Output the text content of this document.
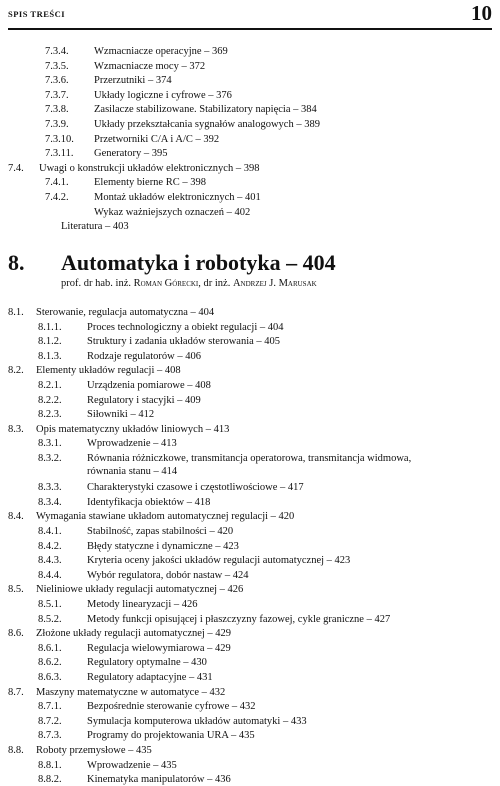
SPIS TREŚCI	10
7.3.4. Wzmacniacze operacyjne – 369
7.3.5. Wzmacniacze mocy – 372
7.3.6. Przerzutniki – 374
7.3.7. Układy logiczne i cyfrowe – 376
7.3.8. Zasilacze stabilizowane. Stabilizatory napięcia – 384
7.3.9. Układy przekształcania sygnałów analogowych – 389
7.3.10. Przetworniki C/A i A/C – 392
7.3.11. Generatory – 395
7.4. Uwagi o konstrukcji układów elektronicznych – 398
7.4.1. Elementy bierne RC – 398
7.4.2. Montaż układów elektronicznych – 401
Wykaz ważniejszych oznaczeń – 402
Literatura – 403
8. Automatyka i robotyka – 404
prof. dr hab. inż. Roman Górecki, dr inż. Andrzej J. Marusak
8.1. Sterowanie, regulacja automatyczna – 404
8.1.1. Proces technologiczny a obiekt regulacji – 404
8.1.2. Struktury i zadania układów sterowania – 405
8.1.3. Rodzaje regulatorów – 406
8.2. Elementy układów regulacji – 408
8.2.1. Urządzenia pomiarowe – 408
8.2.2. Regulatory i stacyjki – 409
8.2.3. Siłowniki – 412
8.3. Opis matematyczny układów liniowych – 413
8.3.1. Wprowadzenie – 413
8.3.2. Równania różniczkowe, transmitancja operatorowa, transmitancja widmowa,
równania stanu – 414
8.3.3. Charakterystyki czasowe i częstotliwościowe – 417
8.3.4. Identyfikacja obiektów – 418
8.4. Wymagania stawiane układom automatycznej regulacji – 420
8.4.1. Stabilność, zapas stabilności – 420
8.4.2. Błędy statyczne i dynamiczne – 423
8.4.3. Kryteria oceny jakości układów regulacji automatycznej – 423
8.4.4. Wybór regulatora, dobór nastaw – 424
8.5. Nieliniowe układy regulacji automatycznej – 426
8.5.1. Metody linearyzacji – 426
8.5.2. Metody funkcji opisującej i płaszczyzny fazowej, cykle graniczne – 427
8.6. Złożone układy regulacji automatycznej – 429
8.6.1. Regulacja wielowymiarowa – 429
8.6.2. Regulatory optymalne – 430
8.6.3. Regulatory adaptacyjne – 431
8.7. Maszyny matematyczne w automatyce – 432
8.7.1. Bezpośrednie sterowanie cyfrowe – 432
8.7.2. Symulacja komputerowa układów automatyki – 433
8.7.3. Programy do projektowania URA – 435
8.8. Roboty przemysłowe – 435
8.8.1. Wprowadzenie – 435
8.8.2. Kinematyka manipulatorów – 436
